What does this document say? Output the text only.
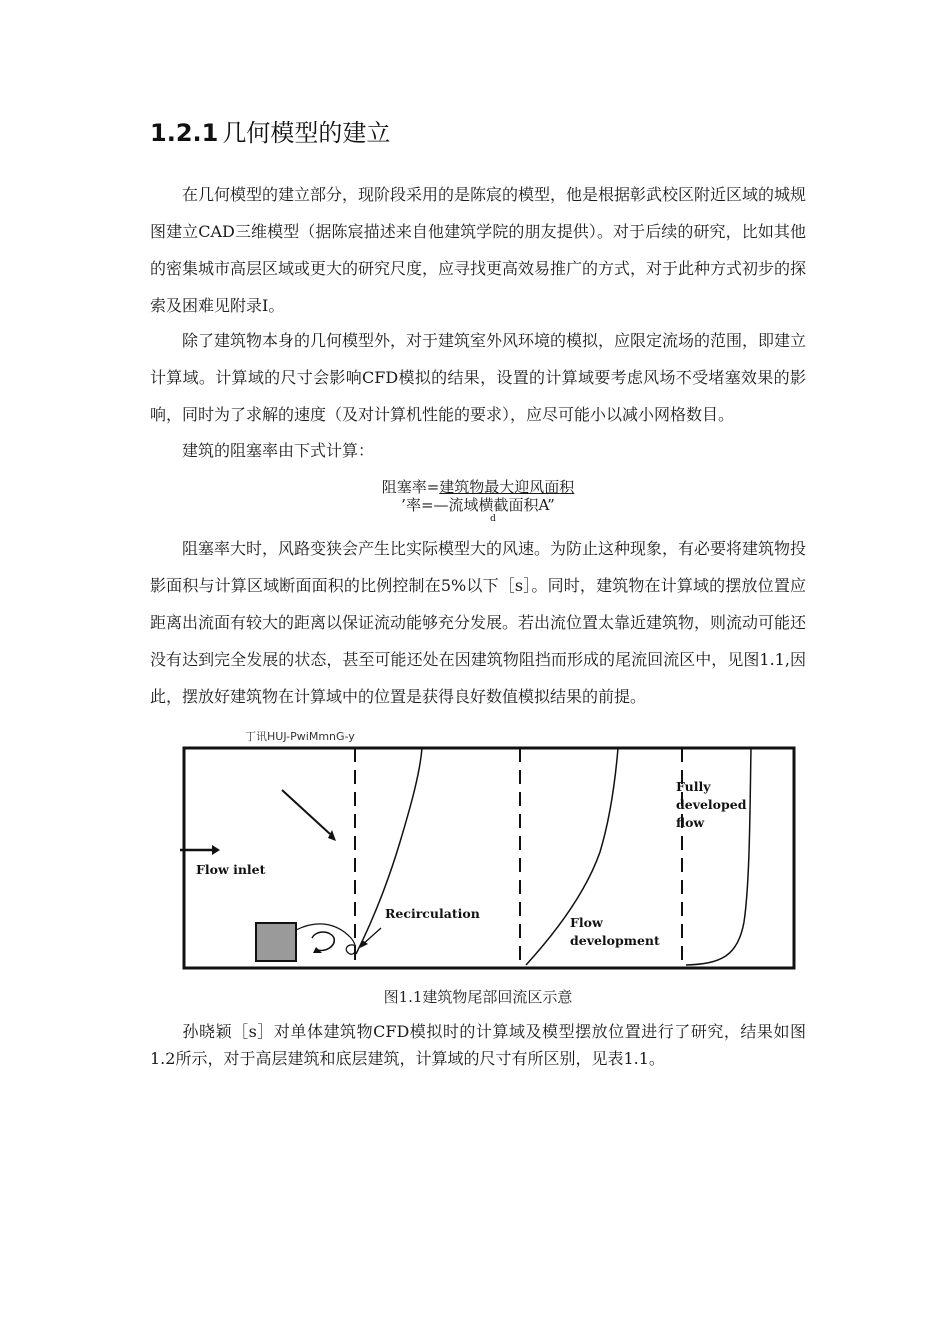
1.2.1 几何模型的建立

在几何模型的建立部分，现阶段采用的是陈宸的模型，他是根据彰武校区附近区域的城规图建立CAD三维模型（据陈宸描述来自他建筑学院的朋友提供）。对于后续的研究，比如其他的密集城市高层区域或更大的研究尺度，应寻找更高效易推广的方式，对于此种方式初步的探索及困难见附录I。

除了建筑物本身的几何模型外，对于建筑室外风环境的模拟，应限定流场的范围，即建立计算域。计算域的尺寸会影响CFD模拟的结果，设置的计算域要考虑风场不受堵塞效果的影响，同时为了求解的速度（及对计算机性能的要求），应尽可能小以减小网格数目。

建筑的阻塞率由下式计算：

阻塞率=建筑物最大迎风面积
’率=—流域横截面积A”
d

阻塞率大时，风路变狭会产生比实际模型大的风速。为防止这种现象，有必要将建筑物投影面积与计算区域断面面积的比例控制在5%以下［s］。同时，建筑物在计算域的摆放位置应距离出流面有较大的距离以保证流动能够充分发展。若出流位置太靠近建筑物，则流动可能还没有达到完全发展的状态，甚至可能还处在因建筑物阻挡而形成的尾流回流区中，见图1.1,因此，摆放好建筑物在计算域中的位置是获得良好数值模拟结果的前提。

丁讯HUJ-PwiMmnG-y
Flow inlet
Recirculation
Flow
development
Fully
developed
flow
图1.1建筑物尾部回流区示意

孙晓颖［s］对单体建筑物CFD模拟时的计算域及模型摆放位置进行了研究，结果如图1.2所示，对于高层建筑和底层建筑，计算域的尺寸有所区别，见表1.1。
